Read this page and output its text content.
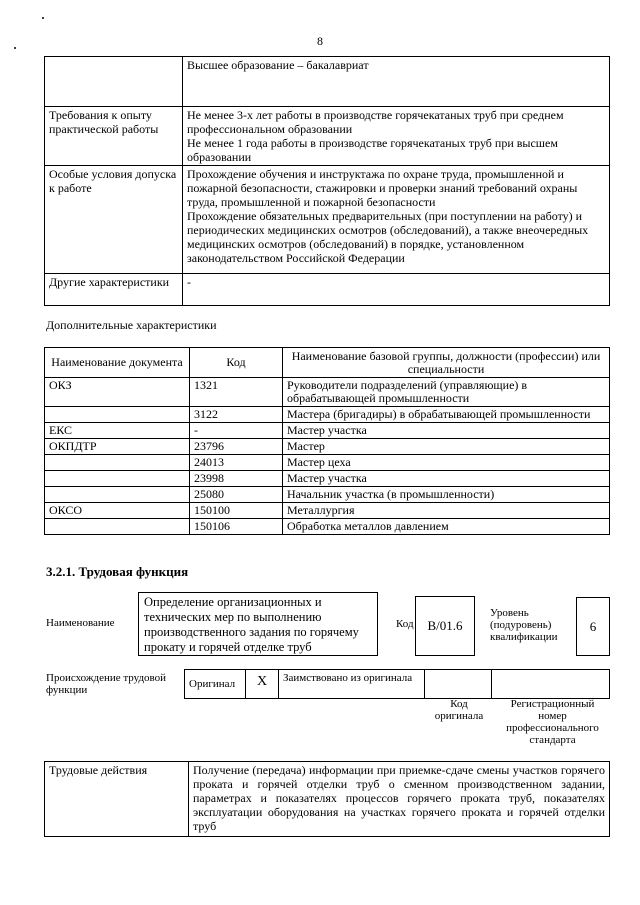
8
	Высшее образование – бакалавриат
Требования к опыту практической работы	Не менее 3-х лет работы в производстве горячекатаных труб при среднем профессиональном образовании
Не менее 1 года работы в производстве горячекатаных труб при высшем образовании

Особые условия допуска к работе	Прохождение обучения и инструктажа по охране труда, промышленной и пожарной безопасности, стажировки и проверки знаний требований охраны труда, промышленной и пожарной безопасности
Прохождение обязательных предварительных (при поступлении на работу) и периодических медицинских осмотров (обследований), а также внеочередных медицинских осмотров (обследований) в порядке, установленном законодательством Российской Федерации

Другие характеристики	-
Дополнительные характеристики
Наименование документа	Код	Наименование базовой группы, должности (профессии) или специальности
ОКЗ	1321	Руководители подразделений (управляющие) в обрабатывающей промышленности
	3122	Мастера (бригадиры) в обрабатывающей промышленности
ЕКС	-	Мастер участка
ОКПДТР	23796	Мастер
	24013	Мастер цеха
	23998	Мастер участка
	25080	Начальник участка (в промышленности)
ОКСО	150100	Металлургия
	150106	Обработка металлов давлением
3.2.1. Трудовая функция
Наименование
Определение организационных и технических мер по выполнению производственного задания по горячему прокату и горячей отделке труб
Код	B/01.6
Уровень (подуровень) квалификации
6
Происхождение трудовой функции	Оригинал	X	Заимствовано из оригинала
Код оригинала
Регистрационный номер профессионального стандарта
Трудовые действия	Получение (передача) информации при приемке-сдаче смены участков горячего проката и горячей отделки труб о сменном производственном задании, параметрах и показателях процессов горячего проката труб, показателях эксплуатации оборудования на участках горячего проката и горячей отделки труб
